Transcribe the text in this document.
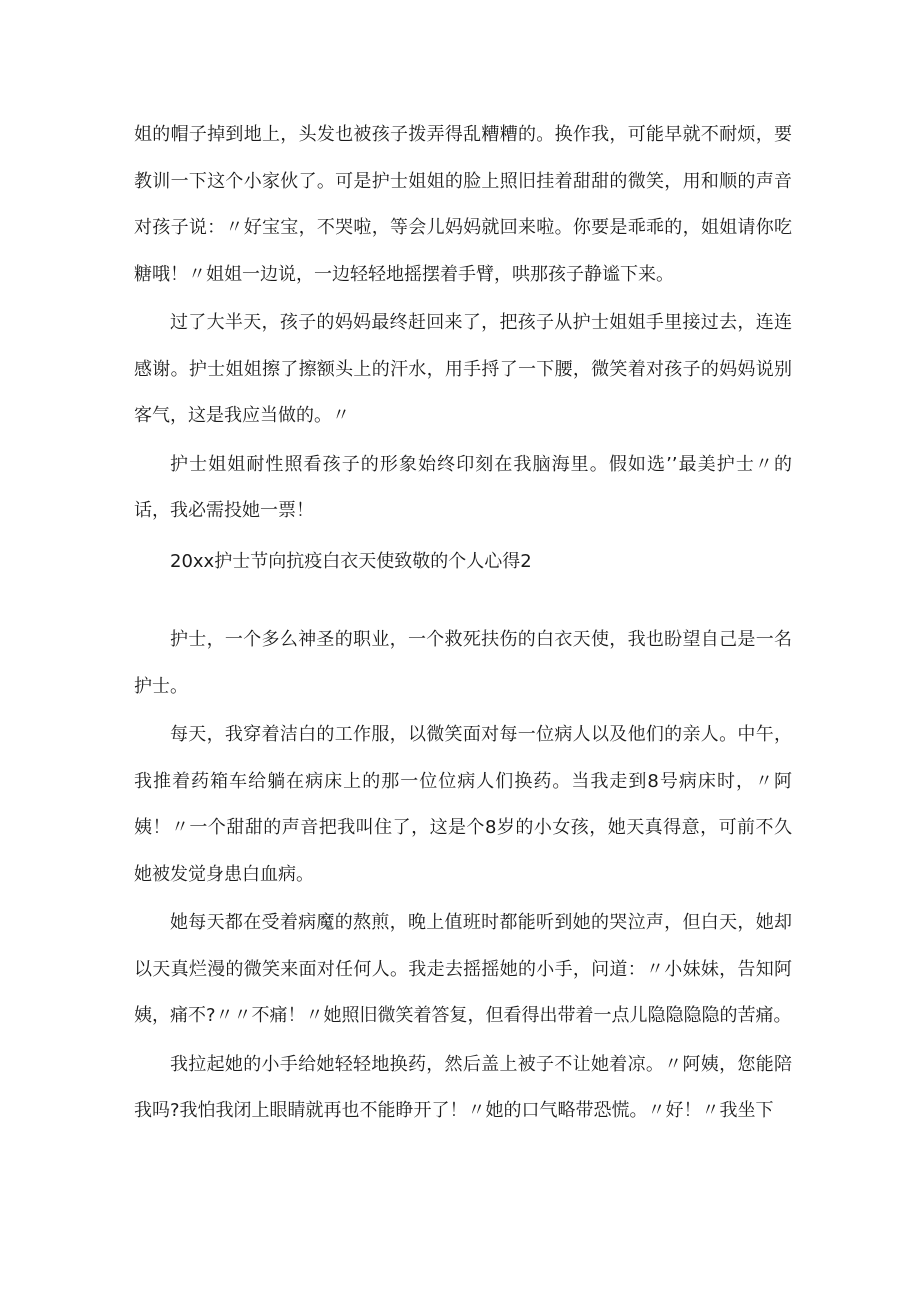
姐的帽子掉到地上，头发也被孩子拨弄得乱糟糟的。换作我，可能早就不耐烦，要教训一下这个小家伙了。可是护士姐姐的脸上照旧挂着甜甜的微笑，用和顺的声音对孩子说：〃好宝宝，不哭啦，等会儿妈妈就回来啦。你要是乖乖的，姐姐请你吃糖哦！〃姐姐一边说，一边轻轻地摇摆着手臂，哄那孩子静谧下来。

过了大半天，孩子的妈妈最终赶回来了，把孩子从护士姐姐手里接过去，连连感谢。护士姐姐擦了擦额头上的汗水，用手捋了一下腰，微笑着对孩子的妈妈说别客气，这是我应当做的。〃

护士姐姐耐性照看孩子的形象始终印刻在我脑海里。假如选’’最美护士〃的话，我必需投她一票！

20xx护士节向抗疫白衣天使致敬的个人心得2

护士，一个多么神圣的职业，一个救死扶伤的白衣天使，我也盼望自己是一名护士。

每天，我穿着洁白的工作服，以微笑面对每一位病人以及他们的亲人。中午，我推着药箱车给躺在病床上的那一位位病人们换药。当我走到8号病床时，〃阿姨！〃一个甜甜的声音把我叫住了，这是个8岁的小女孩，她天真得意，可前不久她被发觉身患白血病。

她每天都在受着病魔的熬煎，晚上值班时都能听到她的哭泣声，但白天，她却以天真烂漫的微笑来面对任何人。我走去摇摇她的小手，问道：〃小妹妹，告知阿姨，痛不?〃〃不痛！〃她照旧微笑着答复，但看得出带着一点儿隐隐隐隐的苦痛。

我拉起她的小手给她轻轻地换药，然后盖上被子不让她着凉。〃阿姨，您能陪我吗?我怕我闭上眼睛就再也不能睁开了！〃她的口气略带恐慌。〃好！〃我坐下
